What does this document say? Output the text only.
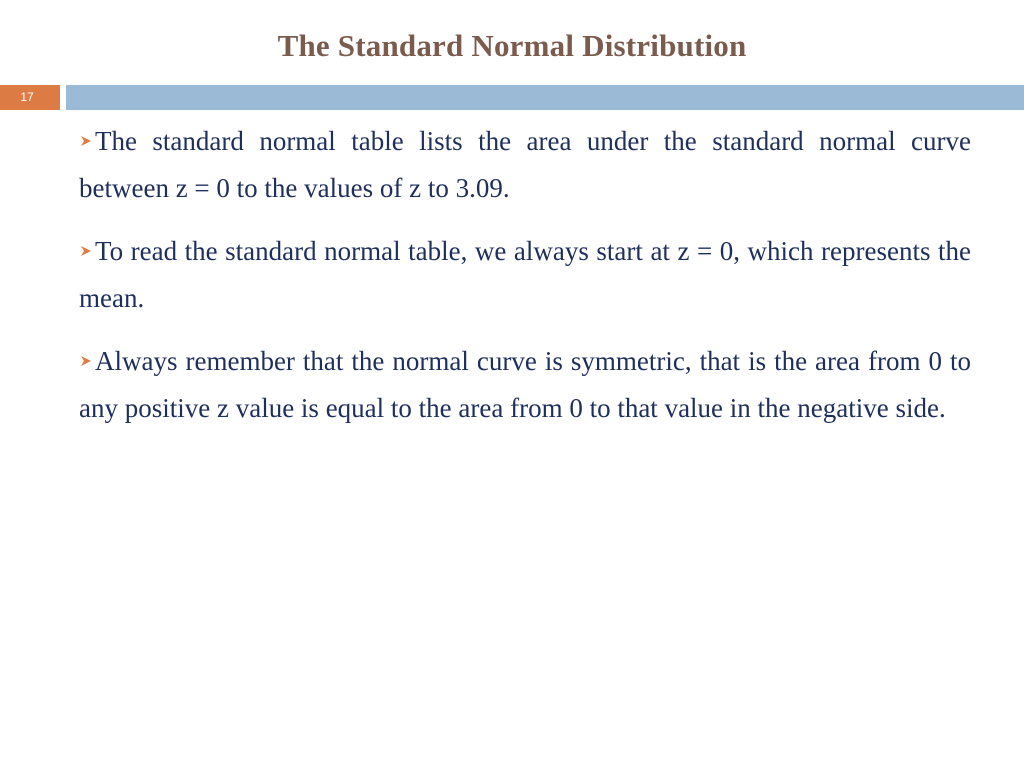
The Standard Normal Distribution
17

The standard normal table lists the area under the standard normal curve between z = 0 to the values of z to 3.09.

To read the standard normal table, we always start at z = 0, which represents the mean.

Always remember that the normal curve is symmetric, that is the area from 0 to any positive z value is equal to the area from 0 to that value in the negative side.
